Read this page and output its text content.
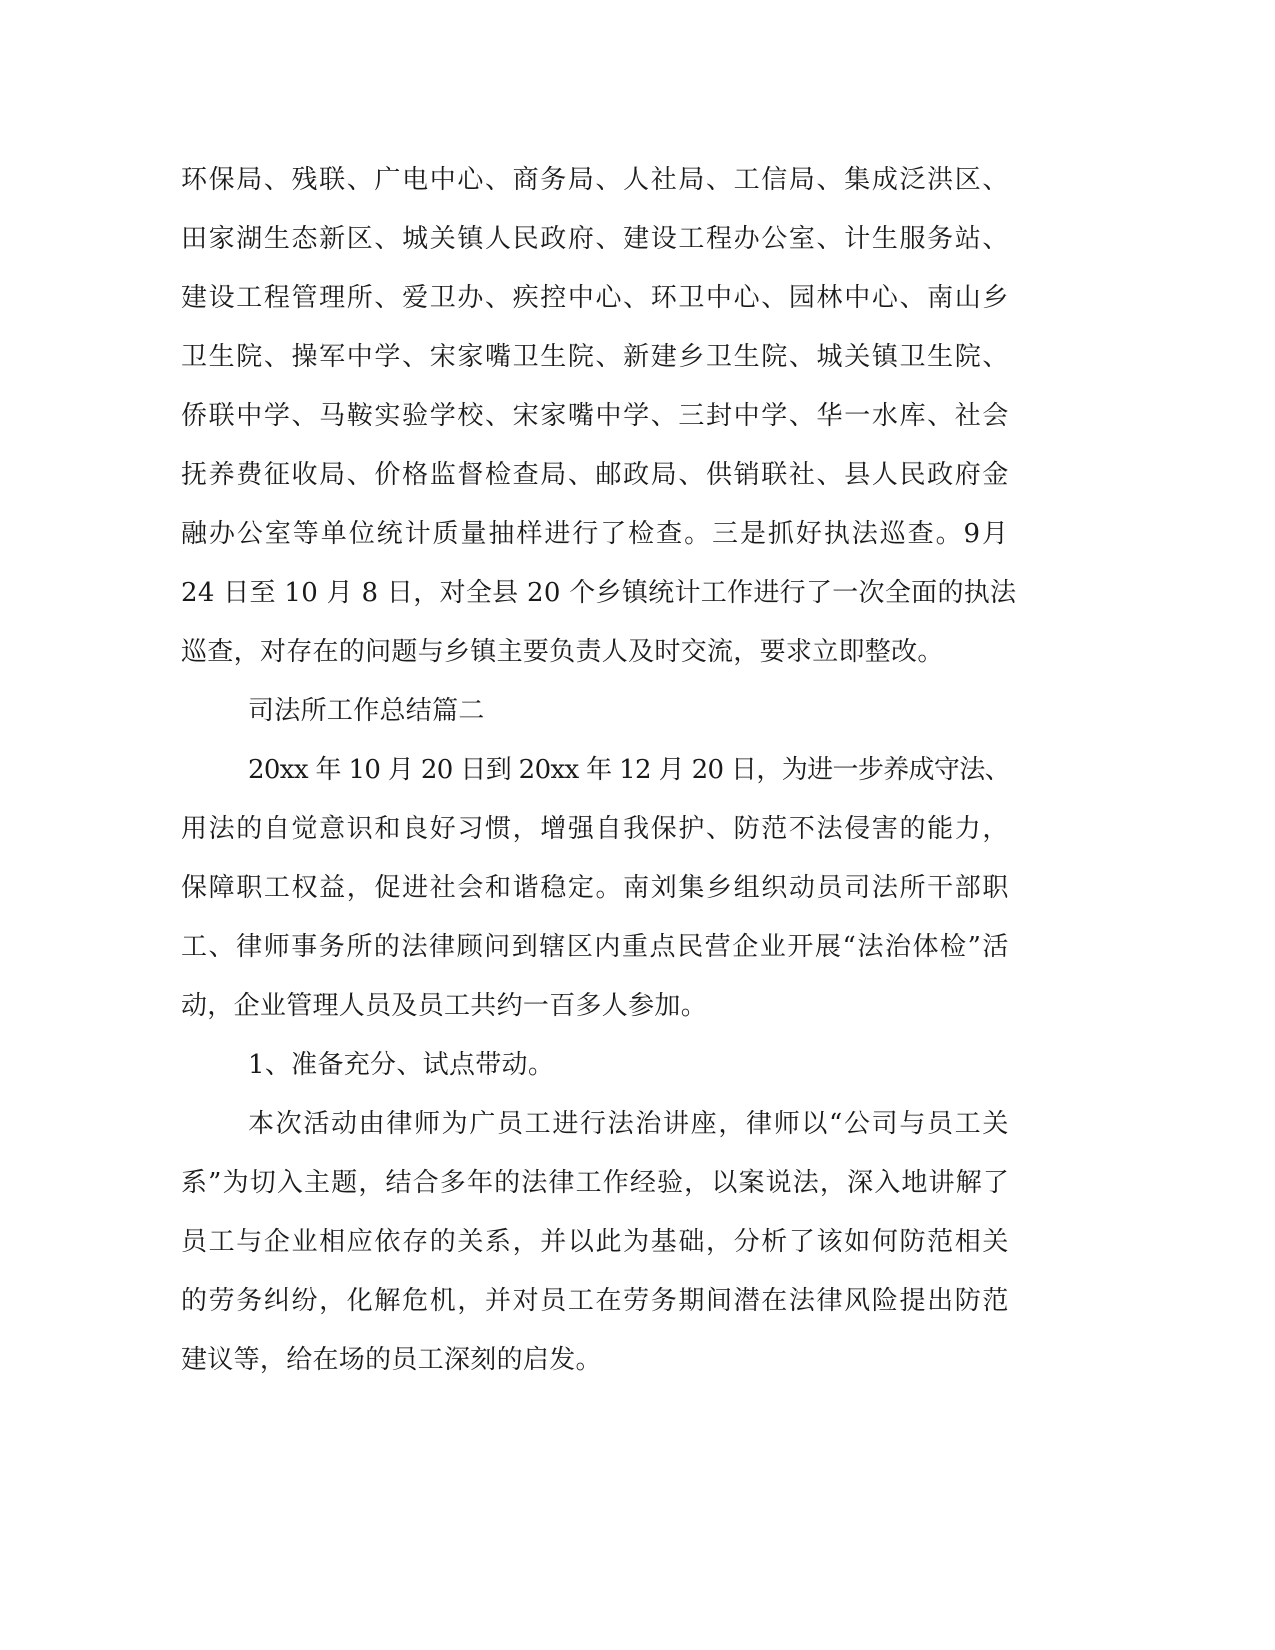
环保局、残联、广电中心、商务局、人社局、工信局、集成泛洪区、
田家湖生态新区、城关镇人民政府、建设工程办公室、计生服务站、
建设工程管理所、爱卫办、疾控中心、环卫中心、园林中心、南山乡
卫生院、操军中学、宋家嘴卫生院、新建乡卫生院、城关镇卫生院、
侨联中学、马鞍实验学校、宋家嘴中学、三封中学、华一水库、社会
抚养费征收局、价格监督检查局、邮政局、供销联社、县人民政府金
融办公室等单位统计质量抽样进行了检查。三是抓好执法巡查。9月
24 日至 10 月 8 日，对全县 20 个乡镇统计工作进行了一次全面的执法
巡查，对存在的问题与乡镇主要负责人及时交流，要求立即整改。
司法所工作总结篇二
20xx 年 10 月 20 日到 20xx 年 12 月 20 日，为进一步养成守法、
用法的自觉意识和良好习惯，增强自我保护、防范不法侵害的能力，
保障职工权益，促进社会和谐稳定。南刘集乡组织动员司法所干部职
工、律师事务所的法律顾问到辖区内重点民营企业开展“法治体检”活
动，企业管理人员及员工共约一百多人参加。
1、准备充分、试点带动。
本次活动由律师为广员工进行法治讲座，律师以“公司与员工关
系”为切入主题，结合多年的法律工作经验，以案说法，深入地讲解了
员工与企业相应依存的关系，并以此为基础，分析了该如何防范相关
的劳务纠纷，化解危机，并对员工在劳务期间潜在法律风险提出防范
建议等，给在场的员工深刻的启发。
